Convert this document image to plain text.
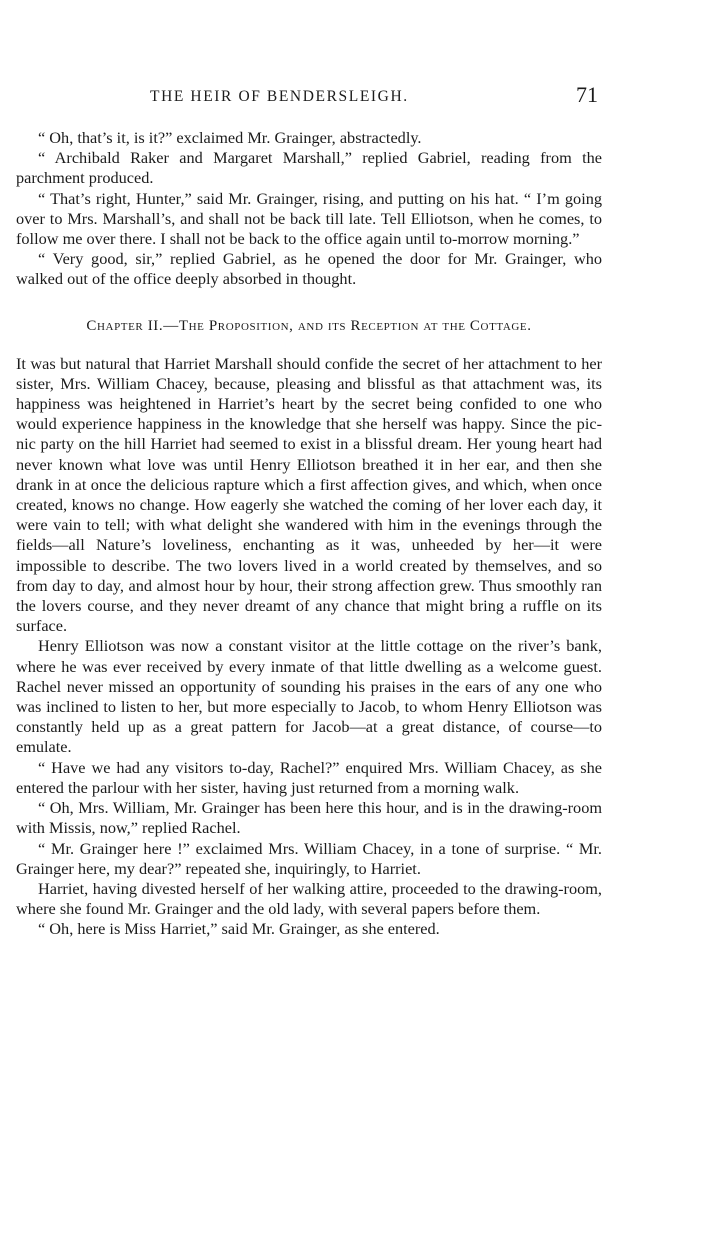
THE HEIR OF BENDERSLEIGH.	71

“ Oh, that’s it, is it?” exclaimed Mr. Grainger, abstractedly.

“ Archibald Raker and Margaret Marshall,” replied Gabriel, reading from the parchment produced.

“ That’s right, Hunter,” said Mr. Grainger, rising, and putting on his hat. “ I’m going over to Mrs. Marshall’s, and shall not be back till late. Tell Elliotson, when he comes, to follow me over there. I shall not be back to the office again until to-morrow morning.”

“ Very good, sir,” replied Gabriel, as he opened the door for Mr. Grainger, who walked out of the office deeply absorbed in thought.

Chapter II.—The Proposition, and its Reception at the Cottage.

It was but natural that Harriet Marshall should confide the secret of her attachment to her sister, Mrs. William Chacey, because, pleasing and blissful as that attachment was, its happiness was heightened in Harriet’s heart by the secret being confided to one who would experience happiness in the knowledge that she herself was happy. Since the pic-nic party on the hill Harriet had seemed to exist in a blissful dream. Her young heart had never known what love was until Henry Elliotson breathed it in her ear, and then she drank in at once the delicious rapture which a first affection gives, and which, when once created, knows no change. How eagerly she watched the coming of her lover each day, it were vain to tell; with what delight she wandered with him in the evenings through the fields—all Nature’s loveliness, enchanting as it was, unheeded by her—it were impossible to describe. The two lovers lived in a world created by themselves, and so from day to day, and almost hour by hour, their strong affection grew. Thus smoothly ran the lovers course, and they never dreamt of any chance that might bring a ruffle on its surface.

Henry Elliotson was now a constant visitor at the little cottage on the river’s bank, where he was ever received by every inmate of that little dwelling as a welcome guest. Rachel never missed an opportunity of sounding his praises in the ears of any one who was inclined to listen to her, but more especially to Jacob, to whom Henry Elliotson was constantly held up as a great pattern for Jacob—at a great distance, of course—to emulate.

“ Have we had any visitors to-day, Rachel?” enquired Mrs. William Chacey, as she entered the parlour with her sister, having just returned from a morning walk.

“ Oh, Mrs. William, Mr. Grainger has been here this hour, and is in the drawing-room with Missis, now,” replied Rachel.

“ Mr. Grainger here !” exclaimed Mrs. William Chacey, in a tone of surprise. “ Mr. Grainger here, my dear?” repeated she, inquiringly, to Harriet.

Harriet, having divested herself of her walking attire, proceeded to the drawing-room, where she found Mr. Grainger and the old lady, with several papers before them.

“ Oh, here is Miss Harriet,” said Mr. Grainger, as she entered.
